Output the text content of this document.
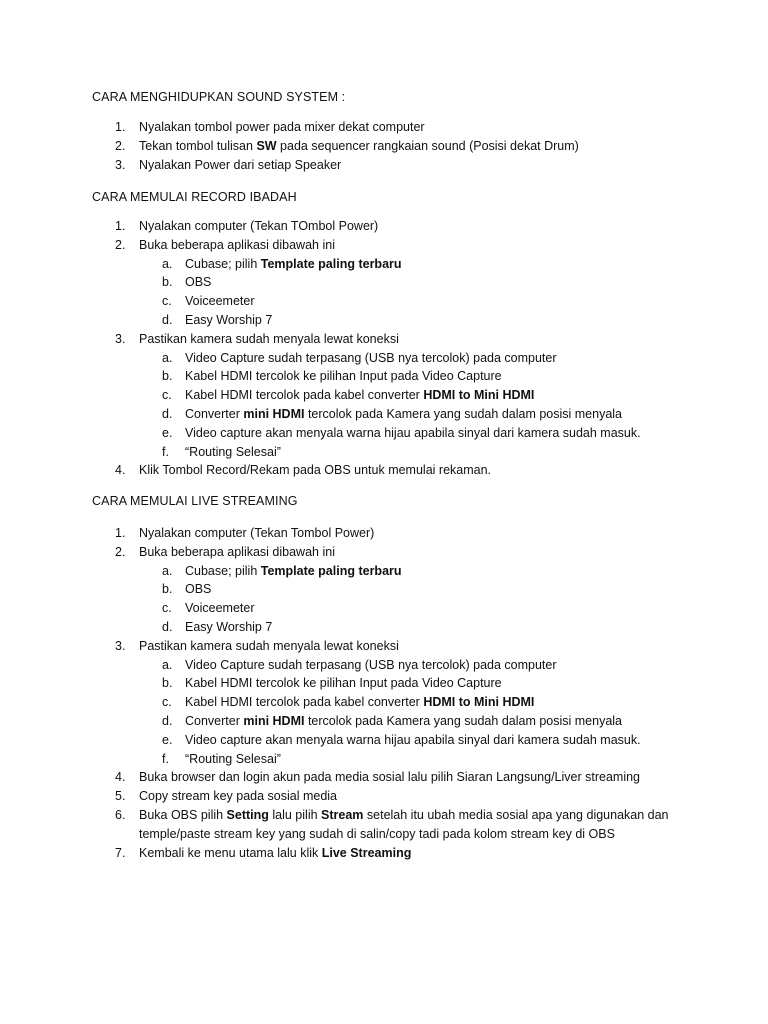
CARA MENGHIDUPKAN SOUND SYSTEM :
1. Nyalakan tombol power pada mixer dekat computer
2. Tekan tombol tulisan SW pada sequencer rangkaian sound (Posisi dekat Drum)
3. Nyalakan Power dari setiap Speaker
CARA MEMULAI RECORD IBADAH
1. Nyalakan computer (Tekan TOmbol Power)
2. Buka beberapa aplikasi dibawah ini
a. Cubase; pilih Template paling terbaru
b. OBS
c. Voiceemeter
d. Easy Worship 7
3. Pastikan kamera sudah menyala lewat koneksi
a. Video Capture sudah terpasang (USB nya tercolok) pada computer
b. Kabel HDMI tercolok ke pilihan Input pada Video Capture
c. Kabel HDMI tercolok pada kabel converter HDMI to Mini HDMI
d. Converter mini HDMI tercolok pada Kamera yang sudah dalam posisi menyala
e. Video capture akan menyala warna hijau apabila sinyal dari kamera sudah masuk.
f. “Routing Selesai”
4. Klik Tombol Record/Rekam pada OBS untuk memulai rekaman.
CARA MEMULAI LIVE STREAMING
1. Nyalakan computer (Tekan Tombol Power)
2. Buka beberapa aplikasi dibawah ini
a. Cubase; pilih Template paling terbaru
b. OBS
c. Voiceemeter
d. Easy Worship 7
3. Pastikan kamera sudah menyala lewat koneksi
a. Video Capture sudah terpasang (USB nya tercolok) pada computer
b. Kabel HDMI tercolok ke pilihan Input pada Video Capture
c. Kabel HDMI tercolok pada kabel converter HDMI to Mini HDMI
d. Converter mini HDMI tercolok pada Kamera yang sudah dalam posisi menyala
e. Video capture akan menyala warna hijau apabila sinyal dari kamera sudah masuk.
f. “Routing Selesai”
4. Buka browser dan login akun pada media sosial lalu pilih Siaran Langsung/Liver streaming
5. Copy stream key pada sosial media
6. Buka OBS pilih Setting lalu pilih Stream setelah itu ubah media sosial apa yang digunakan dan temple/paste stream key yang sudah di salin/copy tadi pada kolom stream key di OBS
7. Kembali ke menu utama lalu klik Live Streaming
